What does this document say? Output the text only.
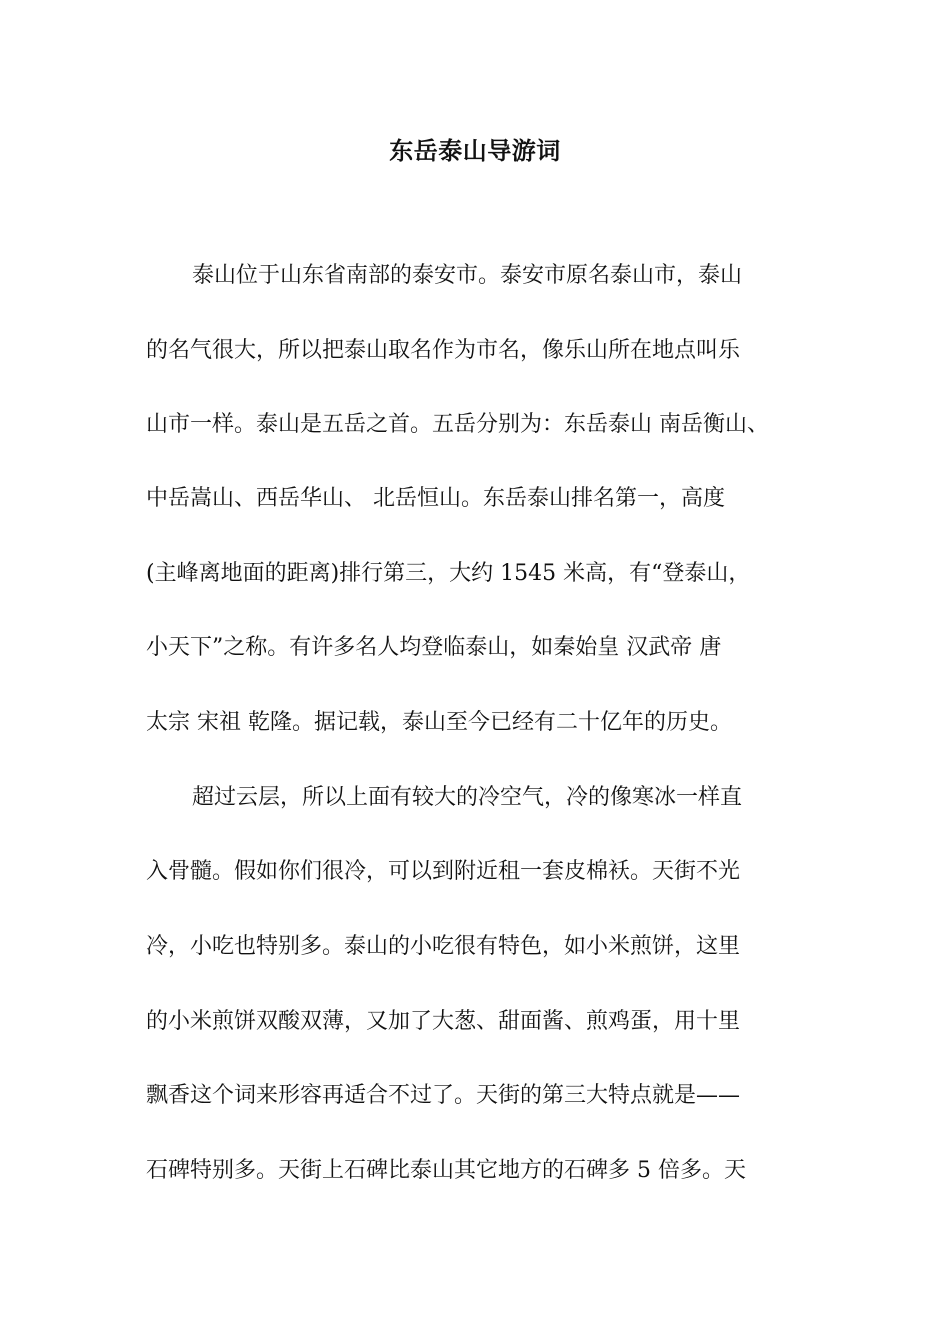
东岳泰山导游词
泰山位于山东省南部的泰安市。泰安市原名泰山市，泰山
的名气很大，所以把泰山取名作为市名，像乐山所在地点叫乐
山市一样。泰山是五岳之首。五岳分别为：东岳泰山 南岳衡山、
中岳嵩山、西岳华山、 北岳恒山。东岳泰山排名第一，高度
(主峰离地面的距离)排行第三，大约 1545 米高，有“登泰山，
小天下”之称。有许多名人均登临泰山，如秦始皇 汉武帝 唐
太宗 宋祖 乾隆。据记载，泰山至今已经有二十亿年的历史。
超过云层，所以上面有较大的冷空气，冷的像寒冰一样直
入骨髓。假如你们很冷，可以到附近租一套皮棉袄。天街不光
冷，小吃也特别多。泰山的小吃很有特色，如小米煎饼，这里
的小米煎饼双酸双薄，又加了大葱、甜面酱、煎鸡蛋，用十里
飘香这个词来形容再适合不过了。天街的第三大特点就是——
石碑特别多。天街上石碑比泰山其它地方的石碑多 5 倍多。天
